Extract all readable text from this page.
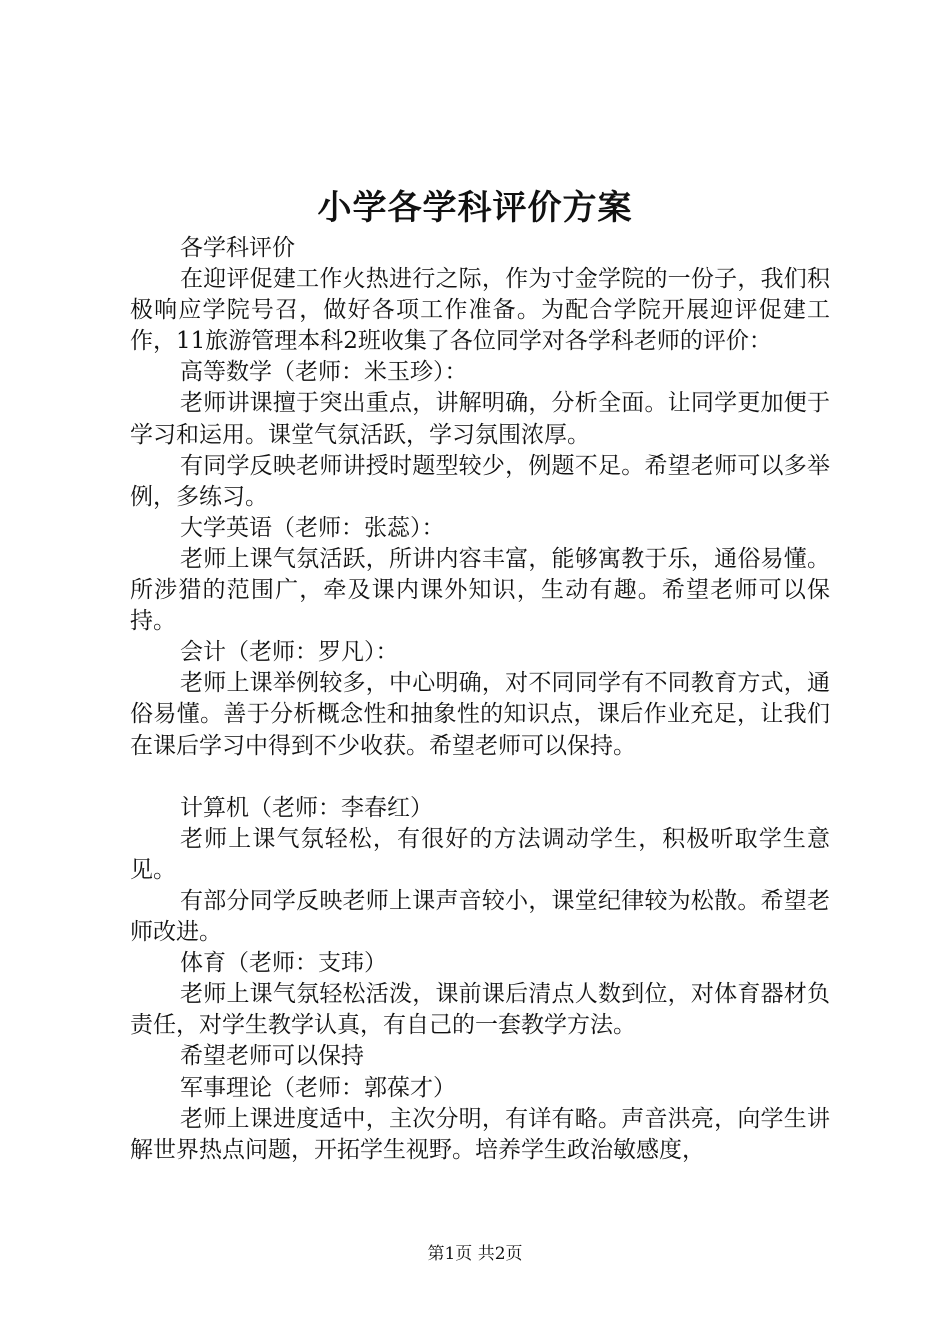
小学各学科评价方案

各学科评价

在迎评促建工作火热进行之际，作为寸金学院的一份子，我们积极响应学院号召，做好各项工作准备。为配合学院开展迎评促建工作，11旅游管理本科2班收集了各位同学对各学科老师的评价：

高等数学（老师：米玉珍）：

老师讲课擅于突出重点，讲解明确，分析全面。让同学更加便于学习和运用。课堂气氛活跃，学习氛围浓厚。

有同学反映老师讲授时题型较少，例题不足。希望老师可以多举例，多练习。

大学英语（老师：张蕊）：

老师上课气氛活跃，所讲内容丰富，能够寓教于乐，通俗易懂。所涉猎的范围广，牵及课内课外知识，生动有趣。希望老师可以保持。

会计（老师：罗凡）：

老师上课举例较多，中心明确，对不同同学有不同教育方式，通俗易懂。善于分析概念性和抽象性的知识点，课后作业充足，让我们在课后学习中得到不少收获。希望老师可以保持。

计算机（老师：李春红）

老师上课气氛轻松，有很好的方法调动学生，积极听取学生意见。

有部分同学反映老师上课声音较小，课堂纪律较为松散。希望老师改进。

体育（老师：支玮）

老师上课气氛轻松活泼，课前课后清点人数到位，对体育器材负责任，对学生教学认真，有自己的一套教学方法。

希望老师可以保持

军事理论（老师：郭葆才）

老师上课进度适中，主次分明，有详有略。声音洪亮，向学生讲解世界热点问题，开拓学生视野。培养学生政治敏感度，

第1页 共2页
